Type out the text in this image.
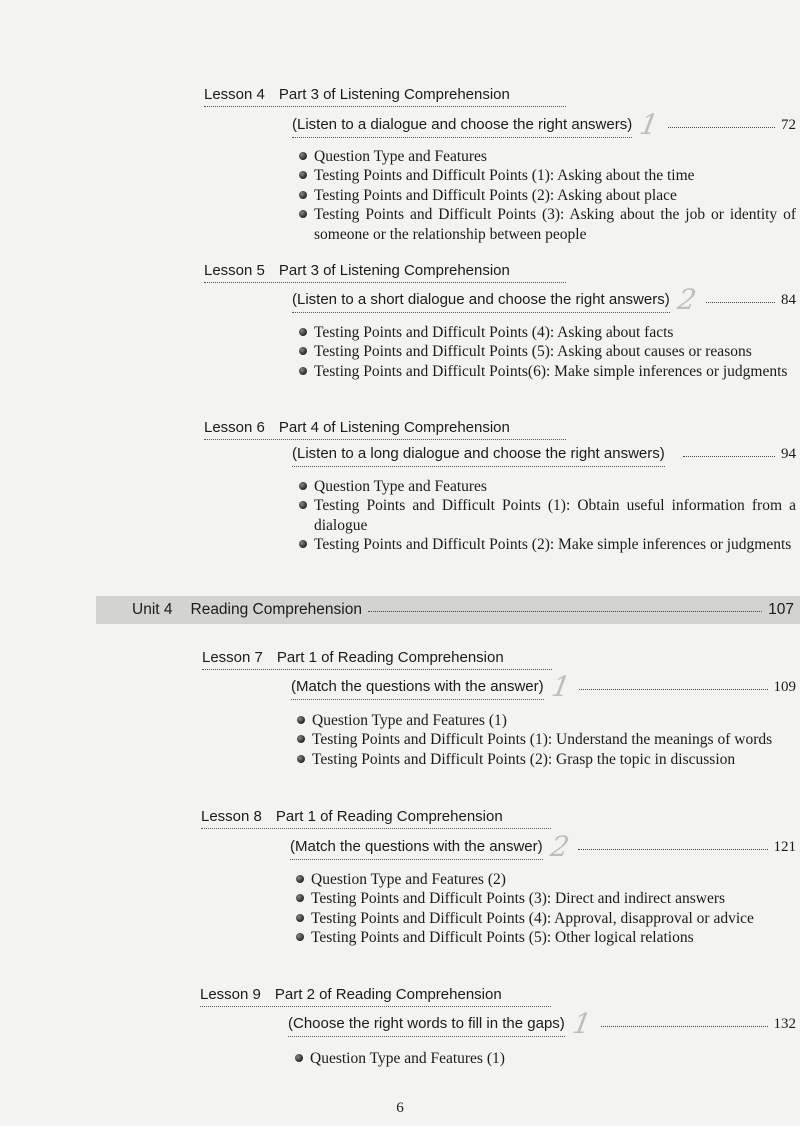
Lesson 4 Part 3 of Listening Comprehension
(Listen to a dialogue and choose the right answers) 1	72
Question Type and Features
Testing Points and Difficult Points (1): Asking about the time
Testing Points and Difficult Points (2): Asking about place
Testing Points and Difficult Points (3): Asking about the job or identity of someone or the relationship between people
Lesson 5 Part 3 of Listening Comprehension
(Listen to a short dialogue and choose the right answers) 2	84
Testing Points and Difficult Points (4): Asking about facts
Testing Points and Difficult Points (5): Asking about causes or reasons
Testing Points and Difficult Points(6): Make simple inferences or judgments
Lesson 6 Part 4 of Listening Comprehension
(Listen to a long dialogue and choose the right answers)	94
Question Type and Features
Testing Points and Difficult Points (1): Obtain useful information from a dialogue
Testing Points and Difficult Points (2): Make simple inferences or judgments
Unit 4 Reading Comprehension	107
Lesson 7 Part 1 of Reading Comprehension
(Match the questions with the answer) 1	109
Question Type and Features (1)
Testing Points and Difficult Points (1): Understand the meanings of words
Testing Points and Difficult Points (2): Grasp the topic in discussion
Lesson 8 Part 1 of Reading Comprehension
(Match the questions with the answer) 2	121
Question Type and Features (2)
Testing Points and Difficult Points (3): Direct and indirect answers
Testing Points and Difficult Points (4): Approval, disapproval or advice
Testing Points and Difficult Points (5): Other logical relations
Lesson 9 Part 2 of Reading Comprehension
(Choose the right words to fill in the gaps) 1	132
Question Type and Features (1)
6
